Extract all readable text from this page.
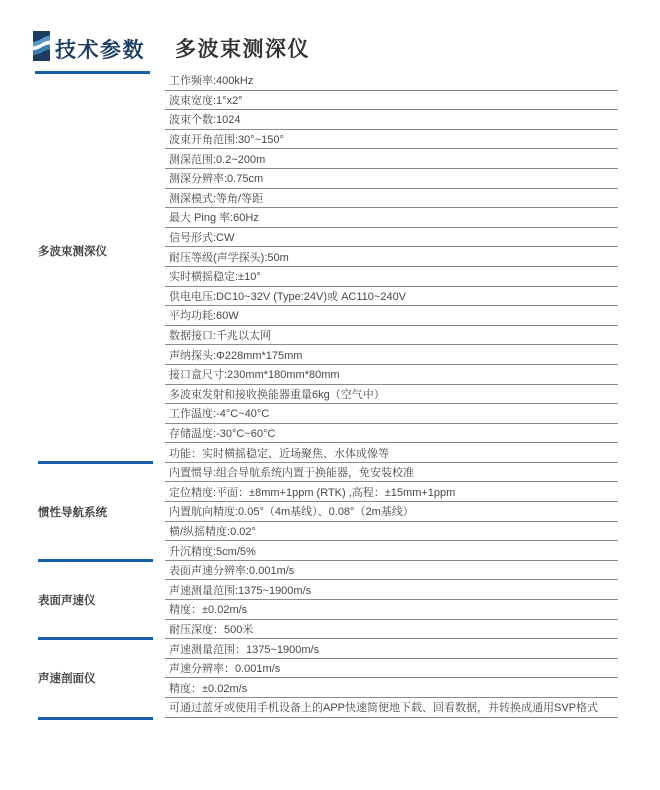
技术参数 多波束测深仪
多波束测深仪
工作频率:400kHz
波束宽度:1°x2°
波束个数:1024
波束开角范围:30°~150°
测深范围:0.2~200m
测深分辨率:0.75cm
测深模式:等角/等距
最大 Ping 率:60Hz
信号形式:CW
耐压等级(声学探头):50m
实时横摇稳定:±10°
供电电压:DC10~32V (Type:24V)或 AC110~240V
平均功耗:60W
数据接口:千兆以太网
声纳探头:Φ228mm*175mm
接口盒尺寸:230mm*180mm*80mm
多波束发射和接收换能器重量6kg（空气中）
工作温度:-4°C~40°C
存储温度:-30°C~60°C
功能：实时横摇稳定、近场聚焦、水体成像等
惯性导航系统
内置惯导:组合导航系统内置于换能器，免安装校准
定位精度:平面：±8mm+1ppm (RTK) ,高程：±15mm+1ppm
内置航向精度:0.05°（4m基线）、0.08°（2m基线）
横/纵摇精度:0.02°
升沉精度:5cm/5%
表面声速仪
表面声速分辨率:0.001m/s
声速测量范围:1375~1900m/s
精度：±0.02m/s
耐压深度：500米
声速剖面仪
声速测量范围：1375~1900m/s
声速分辨率：0.001m/s
精度：±0.02m/s
可通过蓝牙或使用手机设备上的APP快速简便地下载、回看数据，并转换成通用SVP格式
